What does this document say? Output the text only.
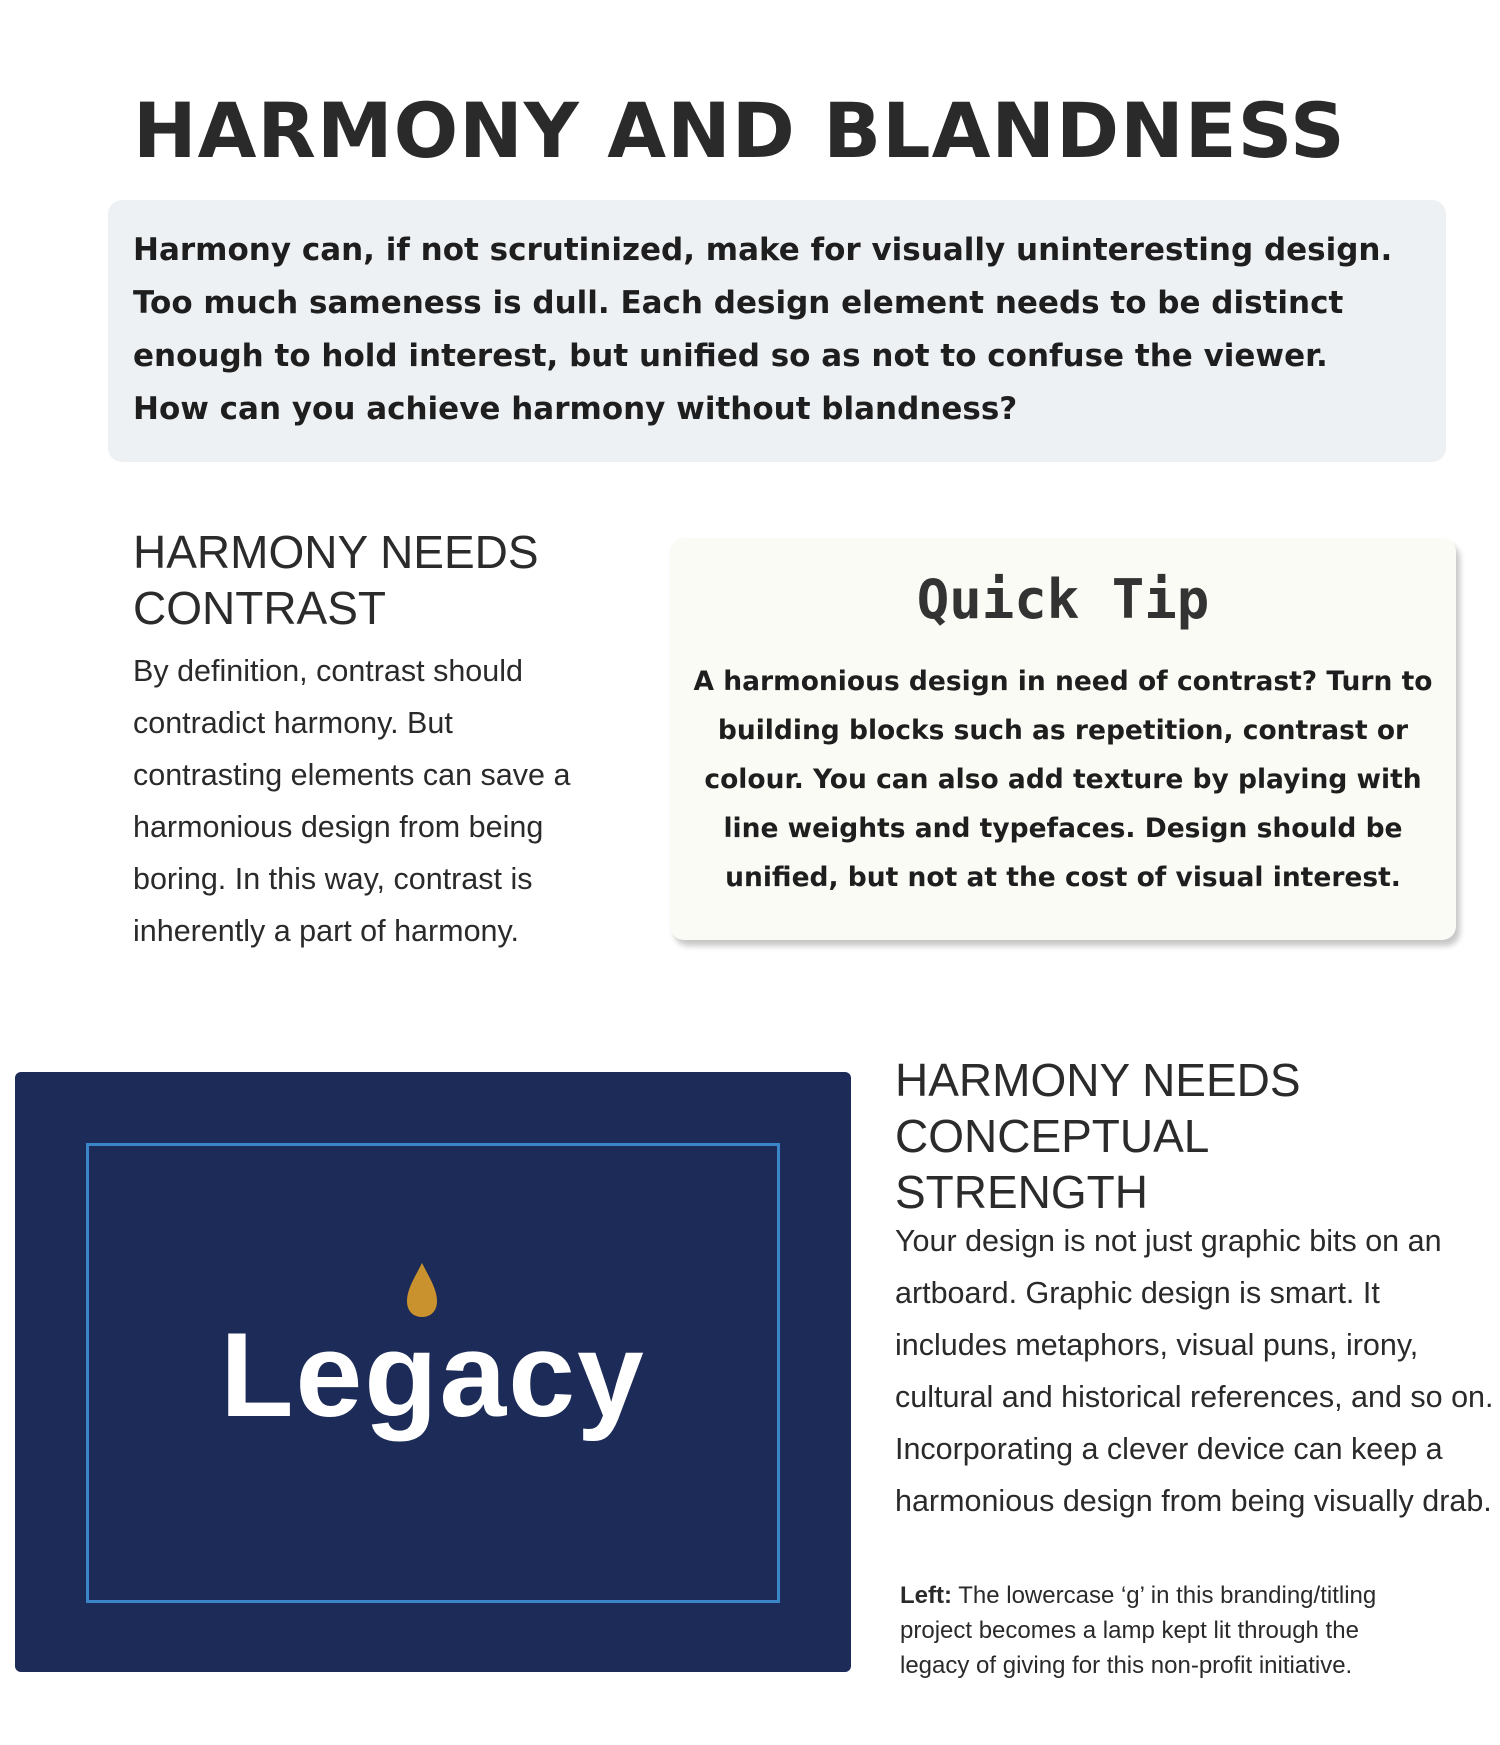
HARMONY AND BLANDNESS

Harmony can, if not scrutinized, make for visually uninteresting design.
Too much sameness is dull. Each design element needs to be distinct
enough to hold interest, but unified so as not to confuse the viewer.
How can you achieve harmony without blandness?

HARMONY NEEDS
CONTRAST

By definition, contrast should
contradict harmony. But
contrasting elements can save a
harmonious design from being
boring. In this way, contrast is
inherently a part of harmony.

Quick Tip

A harmonious design in need of contrast? Turn to
building blocks such as repetition, contrast or
colour. You can also add texture by playing with
line weights and typefaces. Design should be
unified, but not at the cost of visual interest.

Legacy

HARMONY NEEDS
CONCEPTUAL
STRENGTH

Your design is not just graphic bits on an
artboard. Graphic design is smart. It
includes metaphors, visual puns, irony,
cultural and historical references, and so on.
Incorporating a clever device can keep a
harmonious design from being visually drab.

Left: The lowercase ‘g’ in this branding/titling
project becomes a lamp kept lit through the
legacy of giving for this non-profit initiative.
